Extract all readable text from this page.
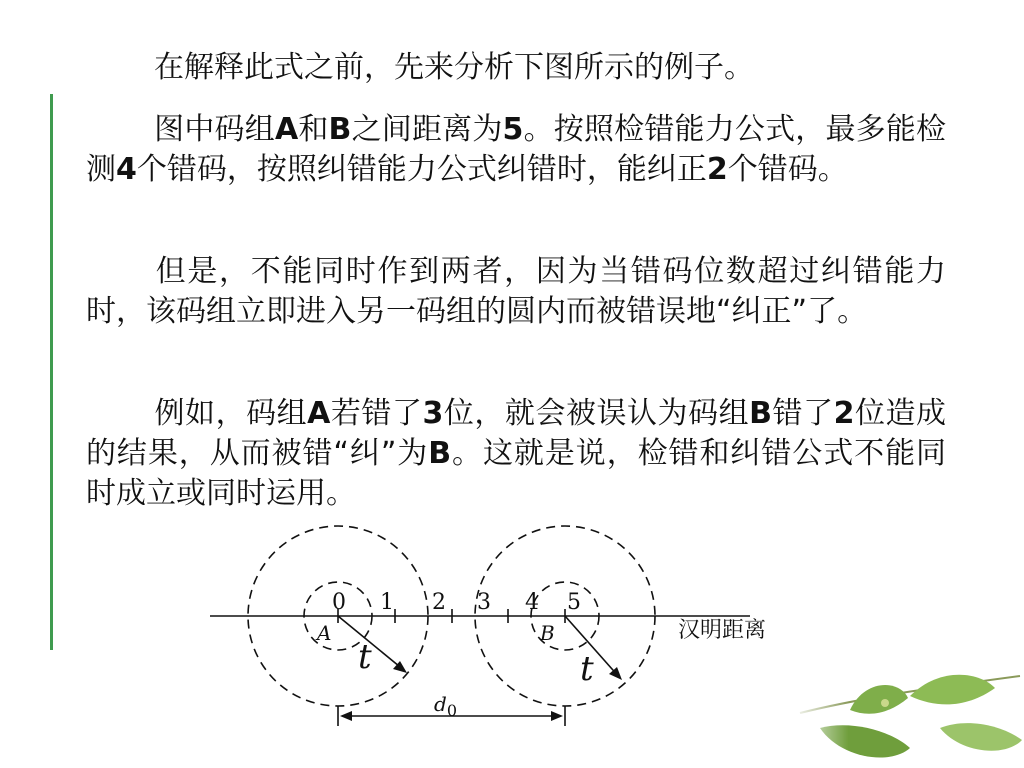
在解释此式之前，先来分析下图所示的例子。

图中码组A和B之间距离为5。按照检错能力公式，最多能检测4个错码，按照纠错能力公式纠错时，能纠正2个错码。

但是，不能同时作到两者，因为当错码位数超过纠错能力时，该码组立即进入另一码组的圆内而被错误地“纠正”了。

例如，码组A若错了3位，就会被误认为码组B错了2位造成的结果，从而被错“纠”为B。这就是说，检错和纠错公式不能同时成立或同时运用。

0 1 2 3 4 5
A	B
t	t
$d_0$
汉明距离
